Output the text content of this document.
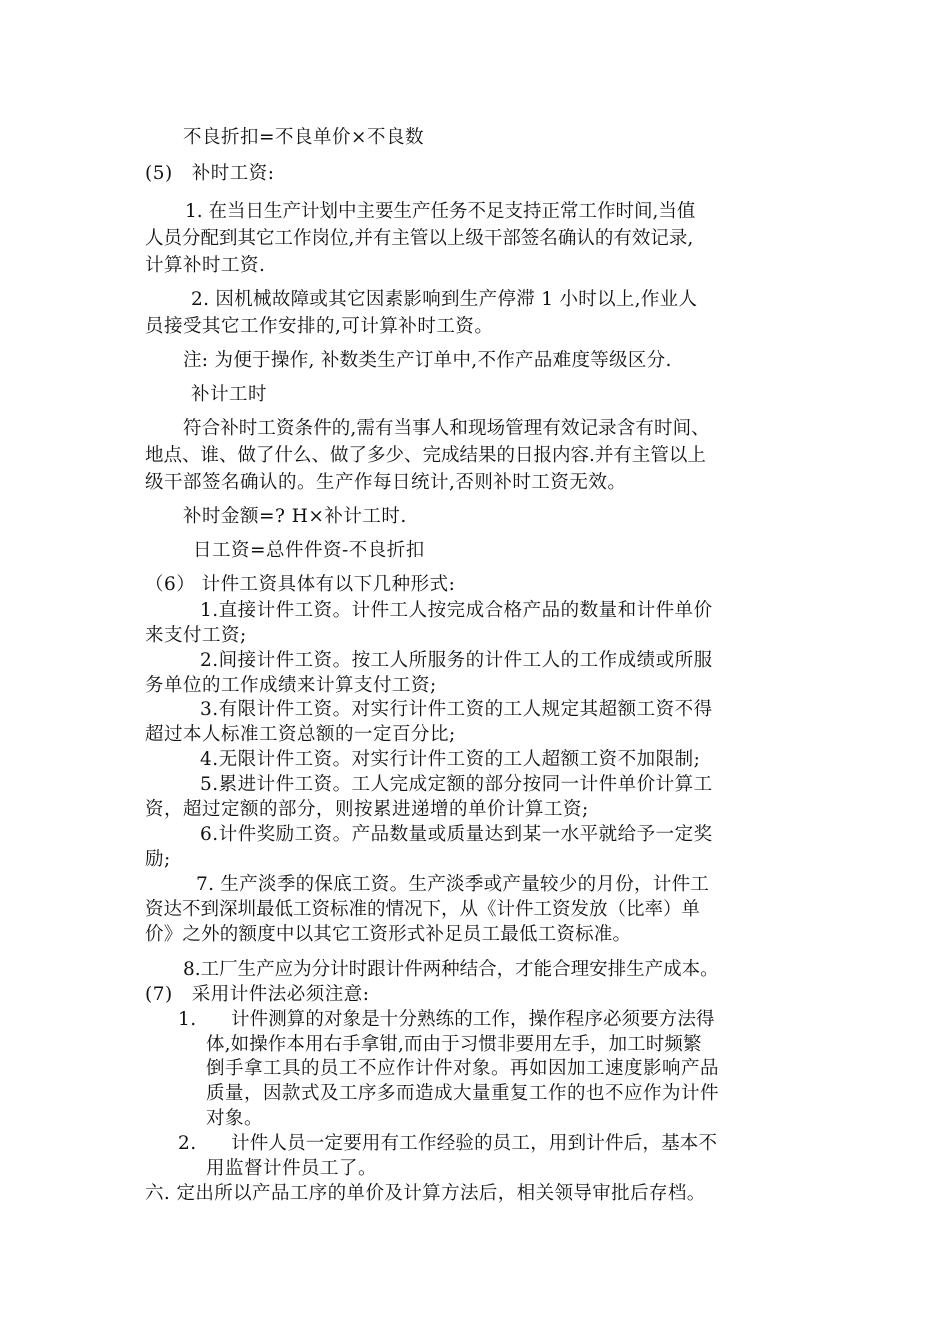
不良折扣=不良单价×不良数

(5)　补时工资:

1. 在当日生产计划中主要生产任务不足支持正常工作时间,当值

人员分配到其它工作岗位,并有主管以上级干部签名确认的有效记录,

计算补时工资.

2. 因机械故障或其它因素影响到生产停滞 1 小时以上,作业人

员接受其它工作安排的,可计算补时工资。

注: 为便于操作, 补数类生产订单中,不作产品难度等级区分.

补计工时

符合补时工资条件的,需有当事人和现场管理有效记录含有时间、

地点、谁、做了什么、做了多少、完成结果的日报内容.并有主管以上

级干部签名确认的。生产作每日统计,否则补时工资无效。

补时金额=? H×补计工时.

日工资=总件件资-不良折扣

（6） 计件工资具体有以下几种形式:

1.直接计件工资。计件工人按完成合格产品的数量和计件单价

来支付工资;

2.间接计件工资。按工人所服务的计件工人的工作成绩或所服

务单位的工作成绩来计算支付工资;

3.有限计件工资。对实行计件工资的工人规定其超额工资不得

超过本人标准工资总额的一定百分比;

4.无限计件工资。对实行计件工资的工人超额工资不加限制;

5.累进计件工资。工人完成定额的部分按同一计件单价计算工

资，超过定额的部分，则按累进递增的单价计算工资;

6.计件奖励工资。产品数量或质量达到某一水平就给予一定奖

励;

7. 生产淡季的保底工资。生产淡季或产量较少的月份，计件工

资达不到深圳最低工资标准的情况下，从《计件工资发放（比率）单

价》之外的额度中以其它工资形式补足员工最低工资标准。

8.工厂生产应为分计时跟计件两种结合，才能合理安排生产成本。

(7)　采用计件法必须注意:

1. 计件测算的对象是十分熟练的工作，操作程序必须要方法得

体,如操作本用右手拿钳,而由于习惯非要用左手，加工时频繁

倒手拿工具的员工不应作计件对象。再如因加工速度影响产品

质量，因款式及工序多而造成大量重复工作的也不应作为计件

对象。

2. 计件人员一定要用有工作经验的员工，用到计件后，基本不

用监督计件员工了。

六. 定出所以产品工序的单价及计算方法后，相关领导审批后存档。
